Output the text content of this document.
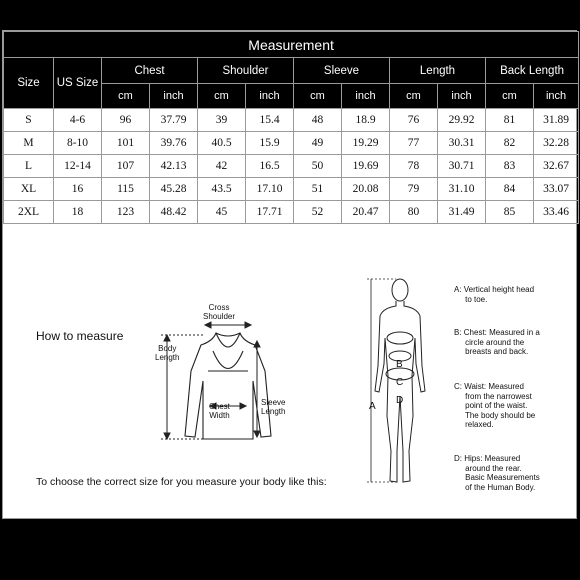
Measurement											
Size	US Size	Chest		Shoulder		Sleeve		Length		Back Length	
		cm	inch	cm	inch	cm	inch	cm	inch	cm	inch
S	4-6	96	37.79	39	15.4	48	18.9	76	29.92	81	31.89
M	8-10	101	39.76	40.5	15.9	49	19.29	77	30.31	82	32.28
L	12-14	107	42.13	42	16.5	50	19.69	78	30.71	83	32.67
XL	16	115	45.28	43.5	17.10	51	20.08	79	31.10	84	33.07
2XL	18	123	48.42	45	17.71	52	20.47	80	31.49	85	33.46
How to measure
Cross
Shoulder
Body
Length
Chest
Width
Sleeve
Length	A
B
C
D
A: Vertical height head
to toe.
B: Chest: Measured in a
circle around the
breasts and back.
C: Waist: Measured
from the narrowest
point of the waist.
The body should be
relaxed.
D: Hips: Measured
around the rear.
Basic Measurements
of the Human Body.
To choose the correct size for you measure your body like this:
